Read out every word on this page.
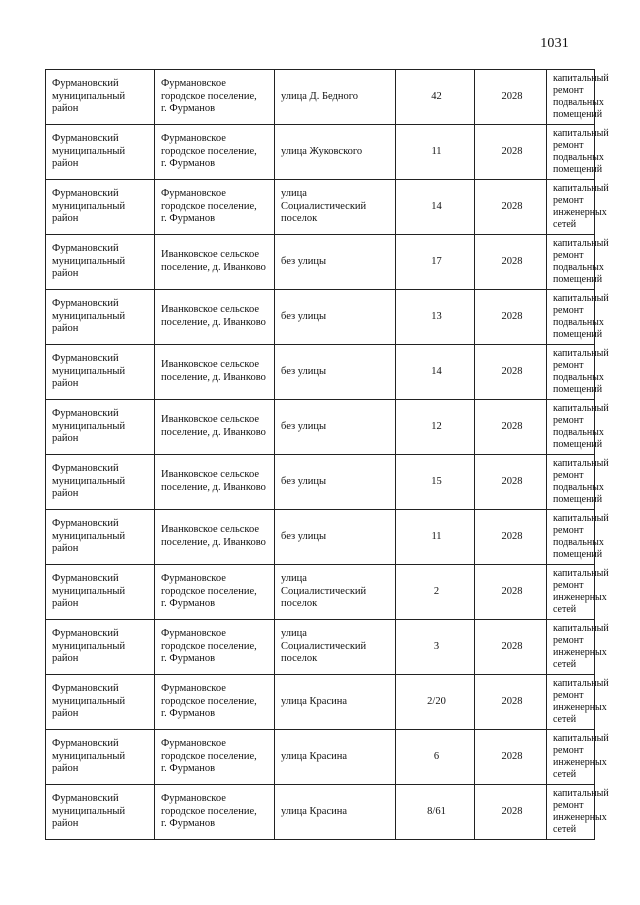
1031
Фурмановский
муниципальный
район	Фурмановское
городское поселение,
г. Фурманов	улица Д. Бедного	42	2028	капитальный
ремонт
подвальных
помещений
Фурмановский
муниципальный
район	Фурмановское
городское поселение,
г. Фурманов	улица Жуковского	11	2028	капитальный
ремонт
подвальных
помещений
Фурмановский
муниципальный
район	Фурмановское
городское поселение,
г. Фурманов	улица
Социалистический
поселок	14	2028	капитальный
ремонт
инженерных
сетей
Фурмановский
муниципальный
район	Иванковское сельское
поселение, д. Иванково	без улицы	17	2028	капитальный
ремонт
подвальных
помещений
Фурмановский
муниципальный
район	Иванковское сельское
поселение, д. Иванково	без улицы	13	2028	капитальный
ремонт
подвальных
помещений
Фурмановский
муниципальный
район	Иванковское сельское
поселение, д. Иванково	без улицы	14	2028	капитальный
ремонт
подвальных
помещений
Фурмановский
муниципальный
район	Иванковское сельское
поселение, д. Иванково	без улицы	12	2028	капитальный
ремонт
подвальных
помещений
Фурмановский
муниципальный
район	Иванковское сельское
поселение, д. Иванково	без улицы	15	2028	капитальный
ремонт
подвальных
помещений
Фурмановский
муниципальный
район	Иванковское сельское
поселение, д. Иванково	без улицы	11	2028	капитальный
ремонт
подвальных
помещений
Фурмановский
муниципальный
район	Фурмановское
городское поселение,
г. Фурманов	улица
Социалистический
поселок	2	2028	капитальный
ремонт
инженерных
сетей
Фурмановский
муниципальный
район	Фурмановское
городское поселение,
г. Фурманов	улица
Социалистический
поселок	3	2028	капитальный
ремонт
инженерных
сетей
Фурмановский
муниципальный
район	Фурмановское
городское поселение,
г. Фурманов	улица Красина	2/20	2028	капитальный
ремонт
инженерных
сетей
Фурмановский
муниципальный
район	Фурмановское
городское поселение,
г. Фурманов	улица Красина	6	2028	капитальный
ремонт
инженерных
сетей
Фурмановский
муниципальный
район	Фурмановское
городское поселение,
г. Фурманов	улица Красина	8/61	2028	капитальный
ремонт
инженерных
сетей
